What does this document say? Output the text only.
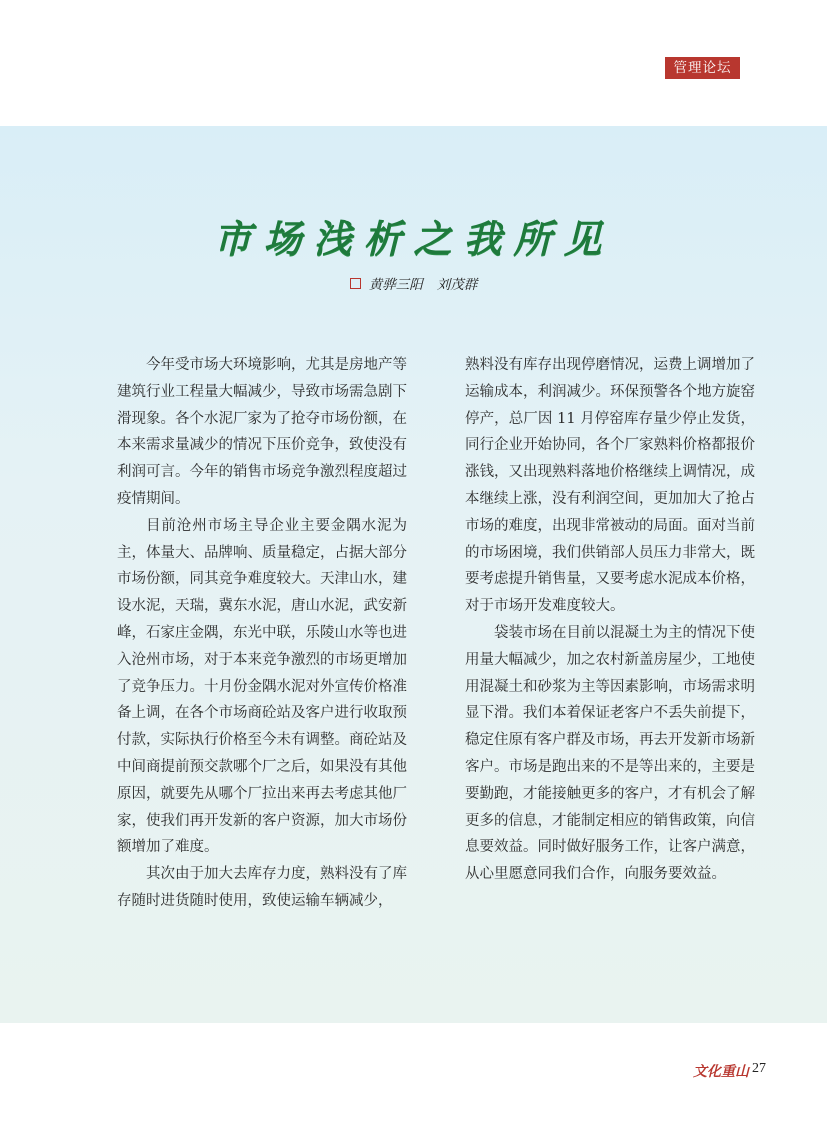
管理论坛
市场浅析之我所见
黄骅三阳 刘茂群

今年受市场大环境影响，尤其是房地产等建筑行业工程量大幅减少，导致市场需急剧下滑现象。各个水泥厂家为了抢夺市场份额，在本来需求量减少的情况下压价竞争，致使没有利润可言。今年的销售市场竞争激烈程度超过疫情期间。

目前沧州市场主导企业主要金隅水泥为主，体量大、品牌响、质量稳定，占据大部分市场份额，同其竞争难度较大。天津山水，建设水泥，天瑞，冀东水泥，唐山水泥，武安新峰，石家庄金隅，东光中联，乐陵山水等也进入沧州市场，对于本来竞争激烈的市场更增加了竞争压力。十月份金隅水泥对外宣传价格准备上调，在各个市场商砼站及客户进行收取预付款，实际执行价格至今未有调整。商砼站及中间商提前预交款哪个厂之后，如果没有其他原因，就要先从哪个厂拉出来再去考虑其他厂家，使我们再开发新的客户资源，加大市场份额增加了难度。

其次由于加大去库存力度，熟料没有了库存随时进货随时使用，致使运输车辆减少，

熟料没有库存出现停磨情况，运费上调增加了运输成本，利润减少。环保预警各个地方旋窑停产，总厂因 11 月停窑库存量少停止发货，同行企业开始协同，各个厂家熟料价格都报价涨钱，又出现熟料落地价格继续上调情况，成本继续上涨，没有利润空间，更加加大了抢占市场的难度，出现非常被动的局面。面对当前的市场困境，我们供销部人员压力非常大，既要考虑提升销售量，又要考虑水泥成本价格，对于市场开发难度较大。

袋装市场在目前以混凝土为主的情况下使用量大幅减少，加之农村新盖房屋少，工地使用混凝土和砂浆为主等因素影响，市场需求明显下滑。我们本着保证老客户不丢失前提下，稳定住原有客户群及市场，再去开发新市场新客户。市场是跑出来的不是等出来的，主要是要勤跑，才能接触更多的客户，才有机会了解更多的信息，才能制定相应的销售政策，向信息要效益。同时做好服务工作，让客户满意，从心里愿意同我们合作，向服务要效益。

文化重山 27
